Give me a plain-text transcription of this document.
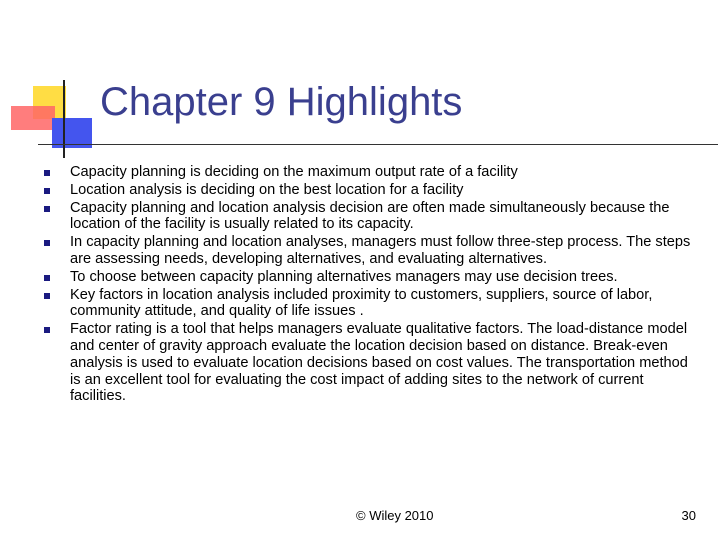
Chapter 9 Highlights
Capacity planning is deciding on the maximum output rate of a facility
Location analysis is deciding on the best location for a facility
Capacity planning and location analysis decision are often made simultaneously because the location of the facility is usually related to its capacity.
In capacity planning and location analyses, managers must follow three-step process. The steps are assessing needs, developing alternatives, and evaluating alternatives.
To choose between capacity planning alternatives managers may use decision trees.
Key factors in location analysis included proximity to customers, suppliers, source of labor, community attitude, and quality of life issues .
Factor rating is a tool that helps managers evaluate qualitative factors. The load-distance model and center of gravity approach evaluate the location decision based on distance. Break-even analysis is used to evaluate location decisions based on cost values. The transportation method is an excellent tool for evaluating the cost impact of adding sites to the network of current facilities.
© Wiley 2010	30
